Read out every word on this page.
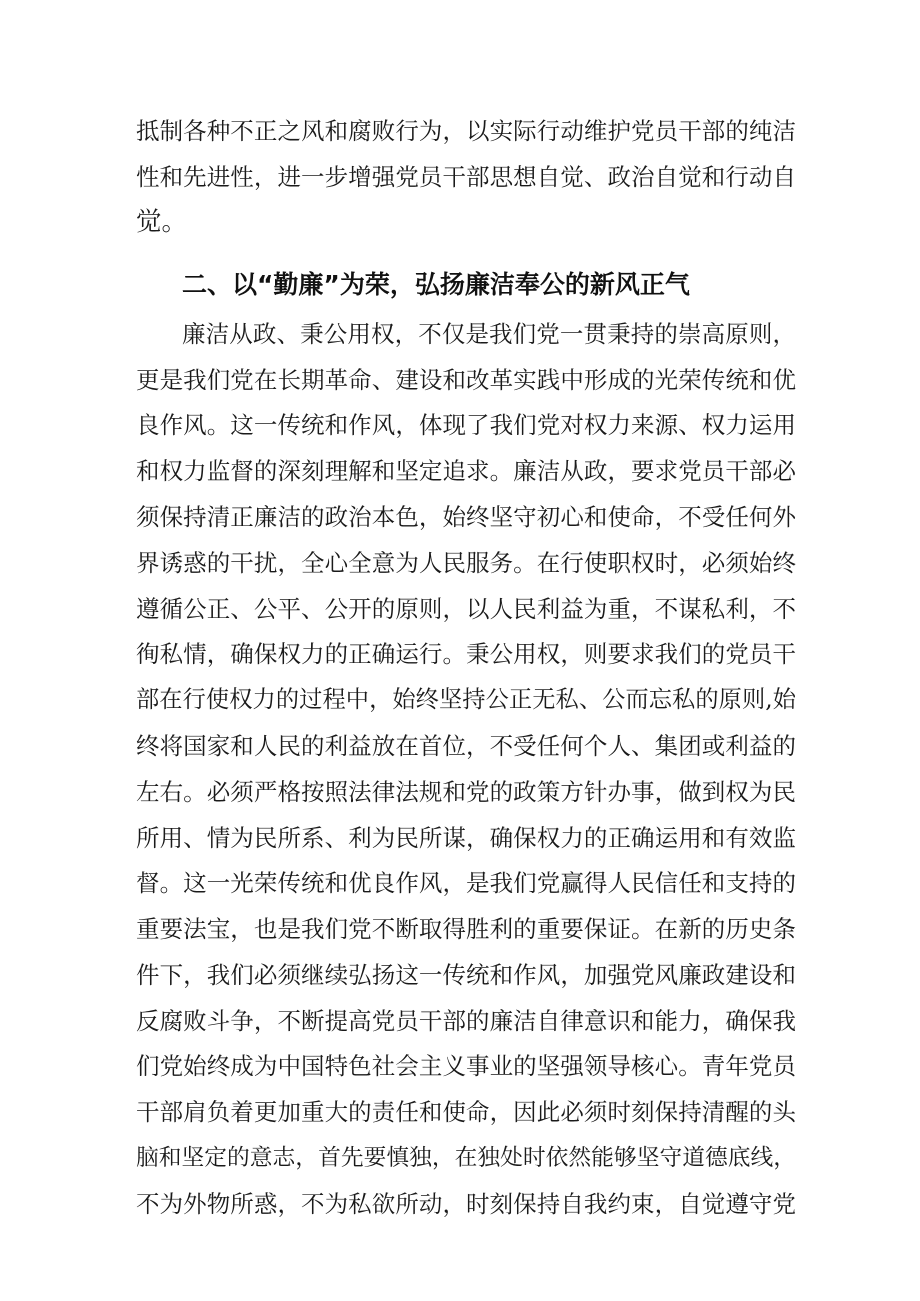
抵制各种不正之风和腐败行为，以实际行动维护党员干部的纯洁
性和先进性，进一步增强党员干部思想自觉、政治自觉和行动自
觉。
二、以“勤廉”为荣，弘扬廉洁奉公的新风正气
廉洁从政、秉公用权，不仅是我们党一贯秉持的崇高原则，
更是我们党在长期革命、建设和改革实践中形成的光荣传统和优
良作风。这一传统和作风，体现了我们党对权力来源、权力运用
和权力监督的深刻理解和坚定追求。廉洁从政，要求党员干部必
须保持清正廉洁的政治本色，始终坚守初心和使命，不受任何外
界诱惑的干扰，全心全意为人民服务。在行使职权时，必须始终
遵循公正、公平、公开的原则，以人民利益为重，不谋私利，不
徇私情，确保权力的正确运行。秉公用权，则要求我们的党员干
部在行使权力的过程中，始终坚持公正无私、公而忘私的原则,始
终将国家和人民的利益放在首位，不受任何个人、集团或利益的
左右。必须严格按照法律法规和党的政策方针办事，做到权为民
所用、情为民所系、利为民所谋，确保权力的正确运用和有效监
督。这一光荣传统和优良作风，是我们党赢得人民信任和支持的
重要法宝，也是我们党不断取得胜利的重要保证。在新的历史条
件下，我们必须继续弘扬这一传统和作风，加强党风廉政建设和
反腐败斗争，不断提高党员干部的廉洁自律意识和能力，确保我
们党始终成为中国特色社会主义事业的坚强领导核心。青年党员
干部肩负着更加重大的责任和使命，因此必须时刻保持清醒的头
脑和坚定的意志，首先要慎独，在独处时依然能够坚守道德底线，
不为外物所惑，不为私欲所动，时刻保持自我约束，自觉遵守党
